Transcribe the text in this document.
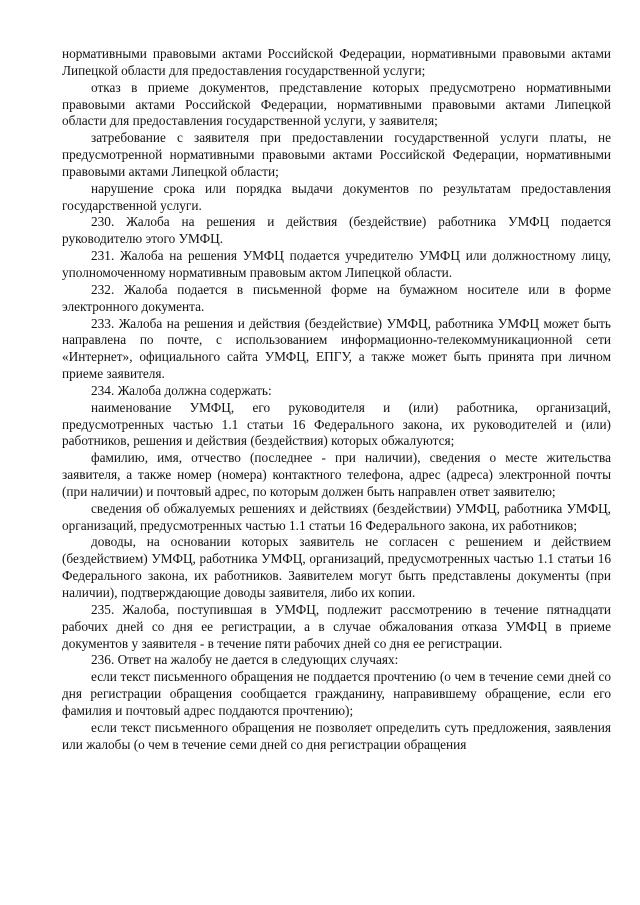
нормативными правовыми актами Российской Федерации, нормативными правовыми актами Липецкой области для предоставления государственной услуги;

отказ в приеме документов, представление которых предусмотрено нормативными правовыми актами Российской Федерации, нормативными правовыми актами Липецкой области для предоставления государственной услуги, у заявителя;

затребование с заявителя при предоставлении государственной услуги платы, не предусмотренной нормативными правовыми актами Российской Федерации, нормативными правовыми актами Липецкой области;

нарушение срока или порядка выдачи документов по результатам предоставления государственной услуги.

230. Жалоба на решения и действия (бездействие) работника УМФЦ подается руководителю этого УМФЦ.

231. Жалоба на решения УМФЦ подается учредителю УМФЦ или должностному лицу, уполномоченному нормативным правовым актом Липецкой области.

232. Жалоба подается в письменной форме на бумажном носителе или в форме электронного документа.

233. Жалоба на решения и действия (бездействие) УМФЦ, работника УМФЦ может быть направлена по почте, с использованием информационно-телекоммуникационной сети «Интернет», официального сайта УМФЦ, ЕПГУ, а также может быть принята при личном приеме заявителя.

234. Жалоба должна содержать:

наименование УМФЦ, его руководителя и (или) работника, организаций, предусмотренных частью 1.1 статьи 16 Федерального закона, их руководителей и (или) работников, решения и действия (бездействия) которых обжалуются;

фамилию, имя, отчество (последнее - при наличии), сведения о месте жительства заявителя, а также номер (номера) контактного телефона, адрес (адреса) электронной почты (при наличии) и почтовый адрес, по которым должен быть направлен ответ заявителю;

сведения об обжалуемых решениях и действиях (бездействии) УМФЦ, работника УМФЦ, организаций, предусмотренных частью 1.1 статьи 16 Федерального закона, их работников;

доводы, на основании которых заявитель не согласен с решением и действием (бездействием) УМФЦ, работника УМФЦ, организаций, предусмотренных частью 1.1 статьи 16 Федерального закона, их работников. Заявителем могут быть представлены документы (при наличии), подтверждающие доводы заявителя, либо их копии.

235. Жалоба, поступившая в УМФЦ, подлежит рассмотрению в течение пятнадцати рабочих дней со дня ее регистрации, а в случае обжалования отказа УМФЦ в приеме документов у заявителя - в течение пяти рабочих дней со дня ее регистрации.

236. Ответ на жалобу не дается в следующих случаях:

если текст письменного обращения не поддается прочтению (о чем в течение семи дней со дня регистрации обращения сообщается гражданину, направившему обращение, если его фамилия и почтовый адрес поддаются прочтению);

если текст письменного обращения не позволяет определить суть предложения, заявления или жалобы (о чем в течение семи дней со дня регистрации обращения
